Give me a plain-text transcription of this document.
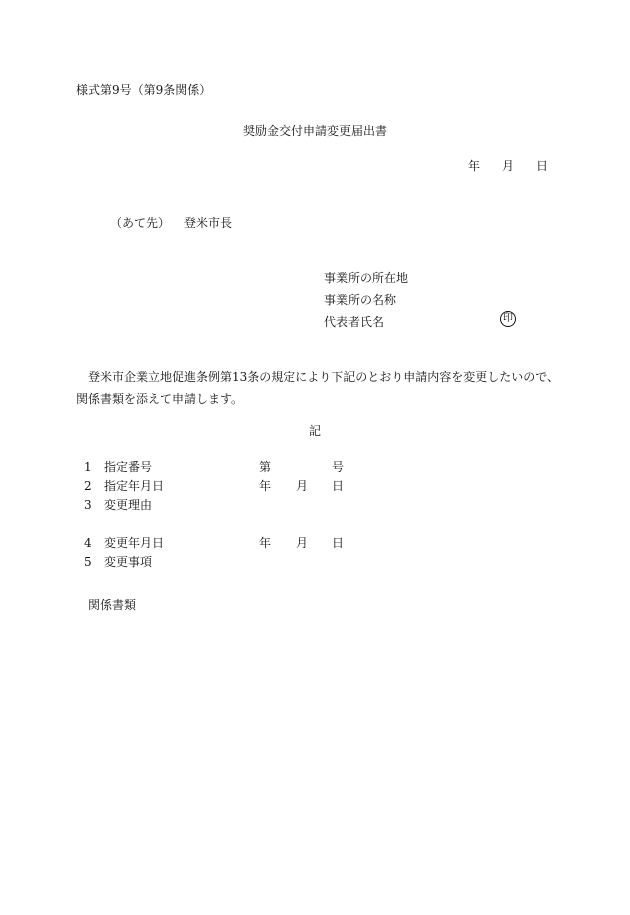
様式第9号（第9条関係）
奨励金交付申請変更届出書
年 月 日
（あて先） 登米市長
事業所の所在地
事業所の名称
代表者氏名	印
登米市企業立地促進条例第13条の規定により下記のとおり申請内容を変更したいので、関係書類を添えて申請します。
記
1 指定番号	第	号
2 指定年月日	年 月 日
3 変更理由
4 変更年月日	年 月 日
5 変更事項
関係書類
